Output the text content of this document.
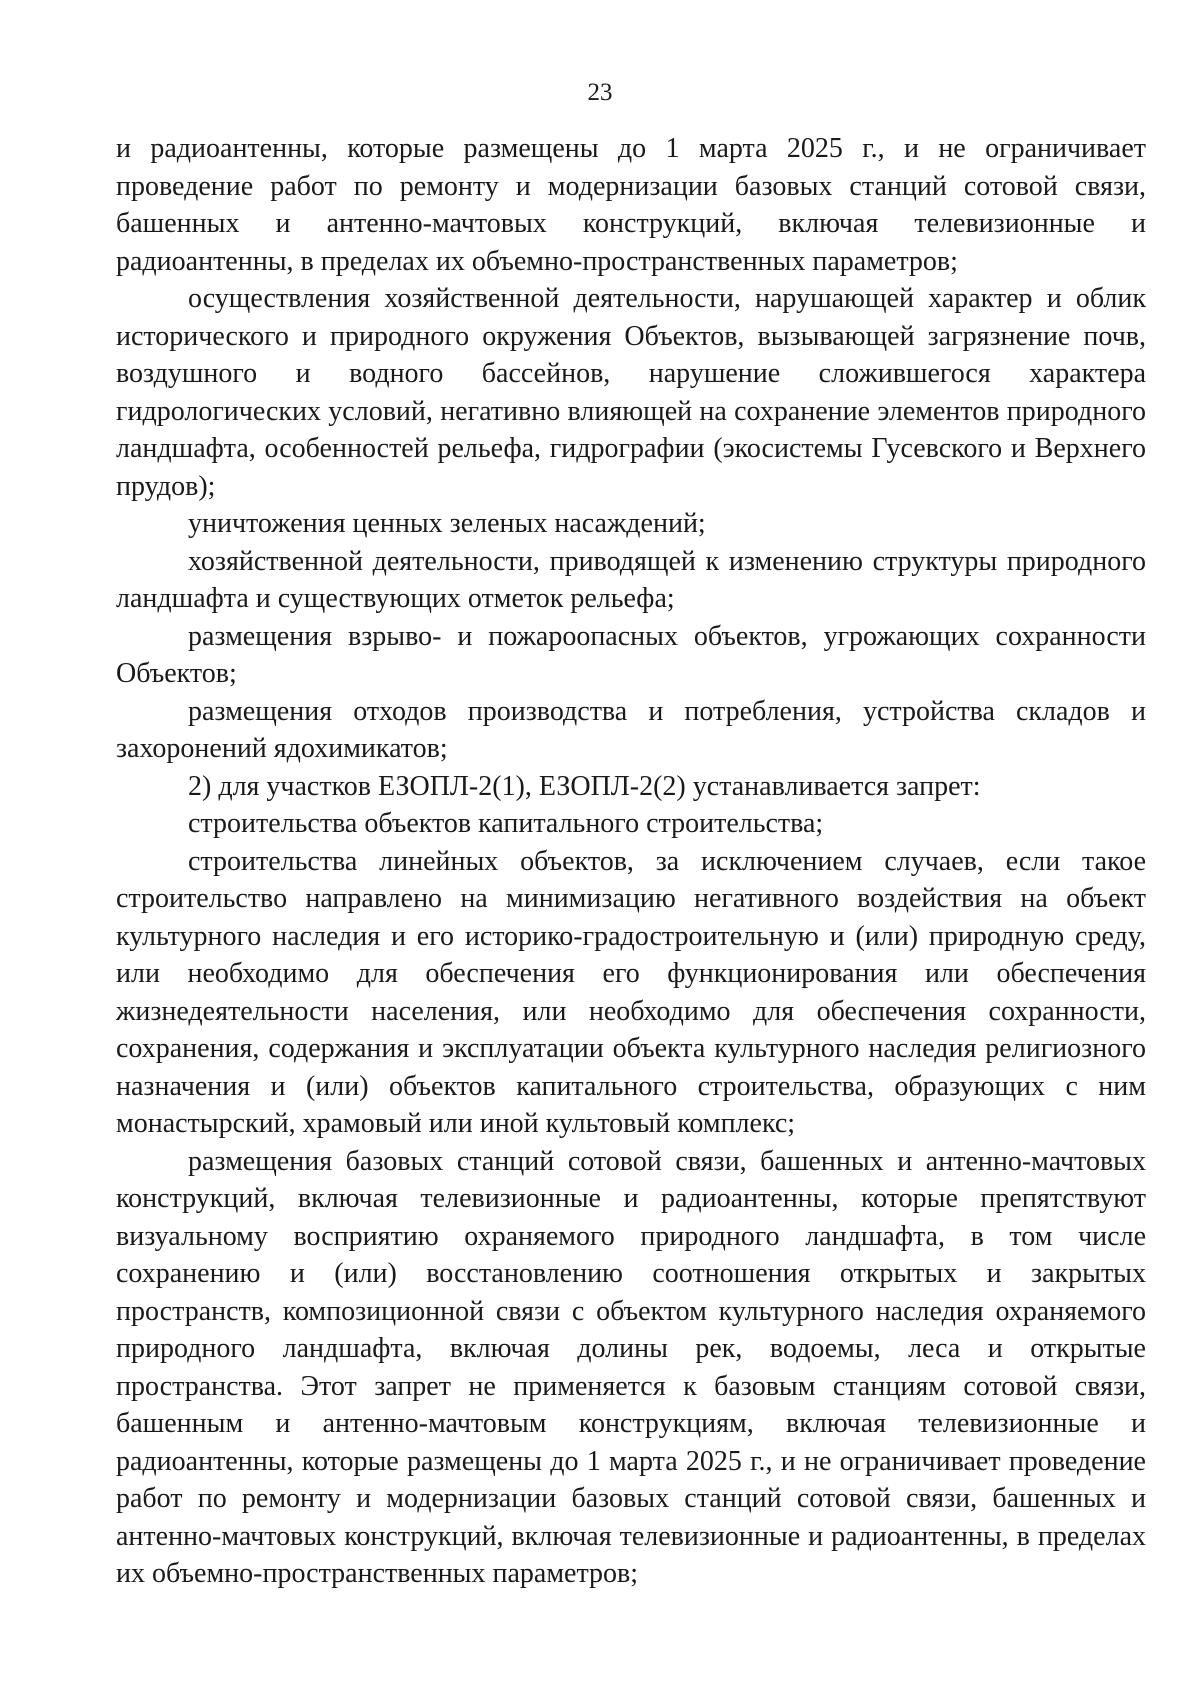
23

и радиоантенны, которые размещены до 1 марта 2025 г., и не ограничивает проведение работ по ремонту и модернизации базовых станций сотовой связи, башенных и антенно-мачтовых конструкций, включая телевизионные и радиоантенны, в пределах их объемно-пространственных параметров;

осуществления хозяйственной деятельности, нарушающей характер и облик исторического и природного окружения Объектов, вызывающей загрязнение почв, воздушного и водного бассейнов, нарушение сложившегося характера гидрологических условий, негативно влияющей на сохранение элементов природного ландшафта, особенностей рельефа, гидрографии (экосистемы Гусевского и Верхнего прудов);

уничтожения ценных зеленых насаждений;

хозяйственной деятельности, приводящей к изменению структуры природного ландшафта и существующих отметок рельефа;

размещения взрыво- и пожароопасных объектов, угрожающих сохранности Объектов;

размещения отходов производства и потребления, устройства складов и захоронений ядохимикатов;

2) для участков ЕЗОПЛ-2(1), ЕЗОПЛ-2(2) устанавливается запрет:

строительства объектов капитального строительства;

строительства линейных объектов, за исключением случаев, если такое строительство направлено на минимизацию негативного воздействия на объект культурного наследия и его историко-градостроительную и (или) природную среду, или необходимо для обеспечения его функционирования или обеспечения жизнедеятельности населения, или необходимо для обеспечения сохранности, сохранения, содержания и эксплуатации объекта культурного наследия религиозного назначения и (или) объектов капитального строительства, образующих с ним монастырский, храмовый или иной культовый комплекс;

размещения базовых станций сотовой связи, башенных и антенно-мачтовых конструкций, включая телевизионные и радиоантенны, которые препятствуют визуальному восприятию охраняемого природного ландшафта, в том числе сохранению и (или) восстановлению соотношения открытых и закрытых пространств, композиционной связи с объектом культурного наследия охраняемого природного ландшафта, включая долины рек, водоемы, леса и открытые пространства. Этот запрет не применяется к базовым станциям сотовой связи, башенным и антенно-мачтовым конструкциям, включая телевизионные и радиоантенны, которые размещены до 1 марта 2025 г., и не ограничивает проведение работ по ремонту и модернизации базовых станций сотовой связи, башенных и антенно-мачтовых конструкций, включая телевизионные и радиоантенны, в пределах их объемно-пространственных параметров;
